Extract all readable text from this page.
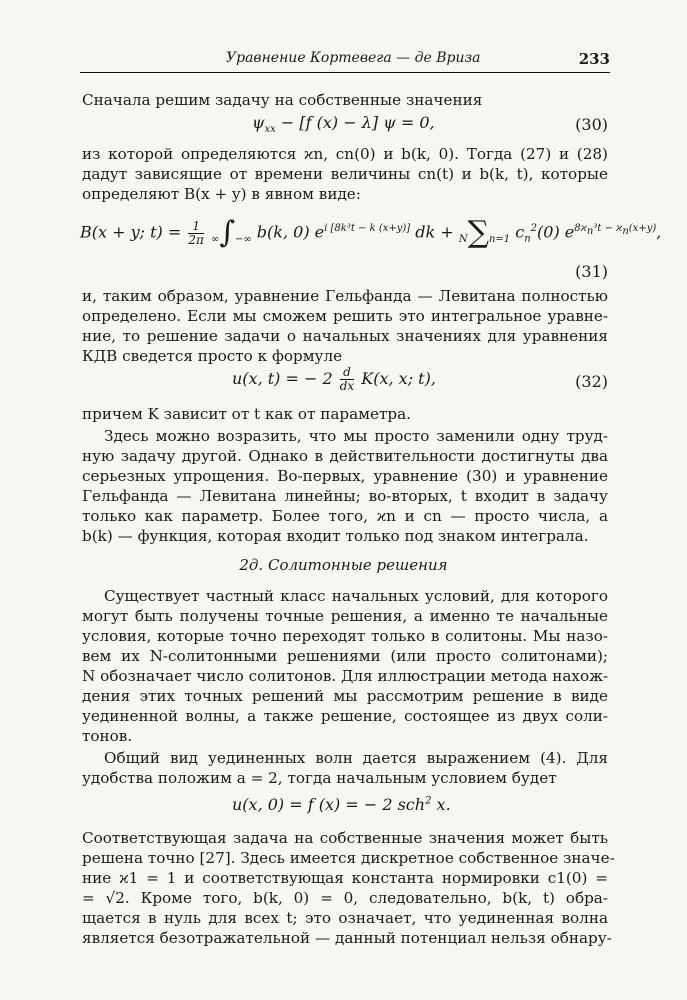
Уравнение Кортевега — де Вриза	233
Сначала решим задачу на собственные значения
$\psi_{xx} - [f$ (x) − λ] ψ = 0,	(30)
из которой определяются ϰn, cn(0) и b(k, 0). Тогда (27) и (28)
дадут зависящие от времени величины cn(t) и b(k, t), которые
определяют B(x + y) в явном виде:
B(x + y; $t) = \frac{1}{2\pi}$ ∞∫−∞ b(k, 0) $e^{i [8k^3t - k (x+y)]}$ dk + N∑n=1 $c_n^2(0)$ $e^{8ϰ_n^3t - ϰ_n(x+y)}$,
(31)
и, таким образом, уравнение Гельфанда — Левитана полностью
определено. Если мы сможем решить это интегральное уравне-
ние, то решение задачи о начальных значениях для уравнения
КДВ сведется просто к формуле
u(x, t) = − $2 \frac{d}{dx} K(x$, x; t),	(32)
причем K зависит от t как от параметра.
Здесь можно возразить, что мы просто заменили одну труд-
ную задачу другой. Однако в действительности достигнуты два
серьезных упрощения. Во-первых, уравнение (30) и уравнение
Гельфанда — Левитана линейны; во-вторых, t входит в задачу
только как параметр. Более того, ϰn и cn — просто числа, а
b(k) — функция, которая входит только под знаком интеграла.
2д. Солитонные решения
Существует частный класс начальных условий, для которого
могут быть получены точные решения, а именно те начальные
условия, которые точно переходят только в солитоны. Мы назо-
вем их N-солитонными решениями (или просто солитонами);
N обозначает число солитонов. Для иллюстрации метода нахож-
дения этих точных решений мы рассмотрим решение в виде
уединенной волны, а также решение, состоящее из двух соли-
тонов.
Общий вид уединенных волн дается выражением (4). Для
удобства положим a = 2, тогда начальным условием будет
u(x, 0) = f (x) = − 2 sch$^2$ x.
Соответствующая задача на собственные значения может быть
решена точно [27]. Здесь имеется дискретное собственное значе-
ние ϰ1 = 1 и соответствующая константа нормировки c1(0) =
= √2. Кроме того, b(k, 0) = 0, следовательно, b(k, t) обра-
щается в нуль для всех t; это означает, что уединенная волна
является безотражательной — данный потенциал нельзя обнару-
